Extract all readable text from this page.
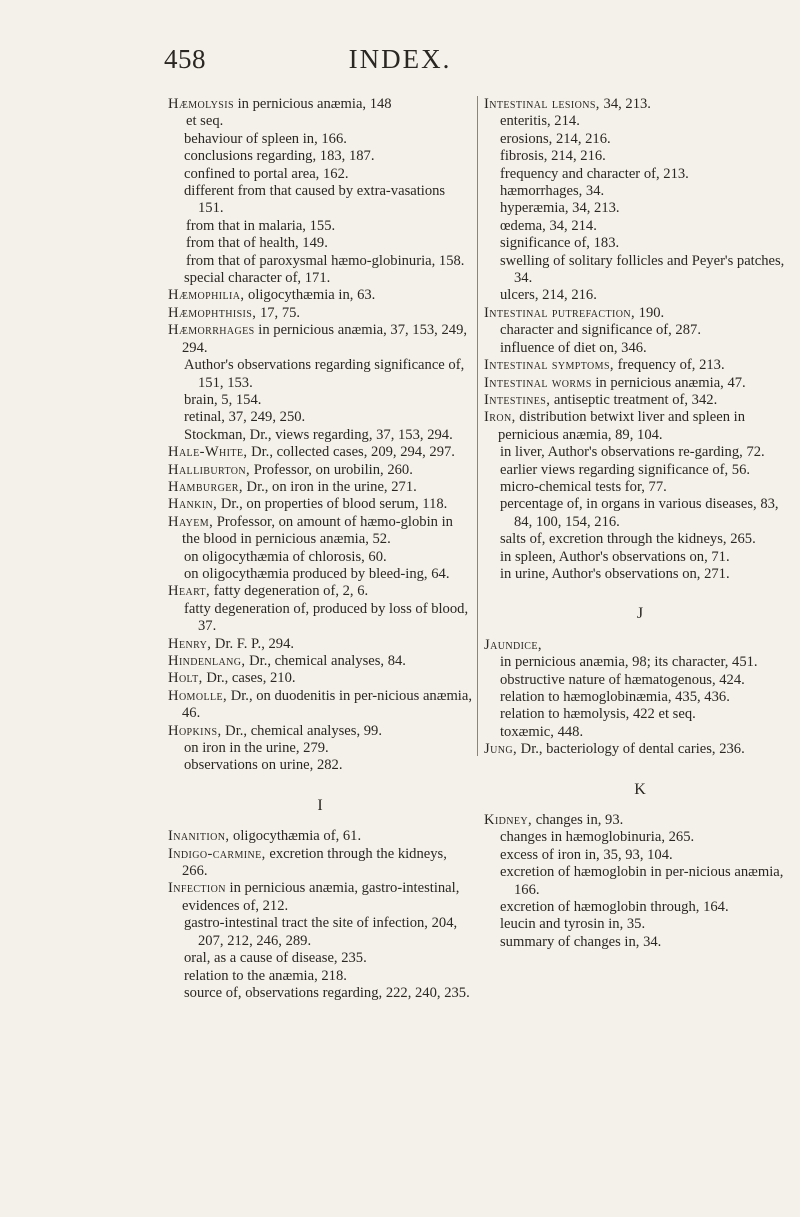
458	INDEX.

Hæmolysis in pernicious anæmia, 148

et seq.

behaviour of spleen in, 166.

conclusions regarding, 183, 187.

confined to portal area, 162.

different from that caused by extra-vasations 151.

from that in malaria, 155.

from that of health, 149.

from that of paroxysmal hæmo-globinuria, 158.

special character of, 171.

Hæmophilia, oligocythæmia in, 63.

Hæmophthisis, 17, 75.

Hæmorrhages in pernicious anæmia, 37, 153, 249, 294.

Author's observations regarding significance of, 151, 153.

brain, 5, 154.

retinal, 37, 249, 250.

Stockman, Dr., views regarding, 37, 153, 294.

Hale-White, Dr., collected cases, 209, 294, 297.

Halliburton, Professor, on urobilin, 260.

Hamburger, Dr., on iron in the urine, 271.

Hankin, Dr., on properties of blood serum, 118.

Hayem, Professor, on amount of hæmo-globin in the blood in pernicious anæmia, 52.

on oligocythæmia of chlorosis, 60.

on oligocythæmia produced by bleed-ing, 64.

Heart, fatty degeneration of, 2, 6.

fatty degeneration of, produced by loss of blood, 37.

Henry, Dr. F. P., 294.

Hindenlang, Dr., chemical analyses, 84.

Holt, Dr., cases, 210.

Homolle, Dr., on duodenitis in per-nicious anæmia, 46.

Hopkins, Dr., chemical analyses, 99.

on iron in the urine, 279.

observations on urine, 282.

I

Inanition, oligocythæmia of, 61.

Indigo-carmine, excretion through the kidneys, 266.

Infection in pernicious anæmia, gastro-intestinal, evidences of, 212.

gastro-intestinal tract the site of infection, 204, 207, 212, 246, 289.

oral, as a cause of disease, 235.

relation to the anæmia, 218.

source of, observations regarding, 222, 240, 235.

Intestinal lesions, 34, 213.

enteritis, 214.

erosions, 214, 216.

fibrosis, 214, 216.

frequency and character of, 213.

hæmorrhages, 34.

hyperæmia, 34, 213.

œdema, 34, 214.

significance of, 183.

swelling of solitary follicles and Peyer's patches, 34.

ulcers, 214, 216.

Intestinal putrefaction, 190.

character and significance of, 287.

influence of diet on, 346.

Intestinal symptoms, frequency of, 213.

Intestinal worms in pernicious anæmia, 47.

Intestines, antiseptic treatment of, 342.

Iron, distribution betwixt liver and spleen in pernicious anæmia, 89, 104.

in liver, Author's observations re-garding, 72.

earlier views regarding significance of, 56.

micro-chemical tests for, 77.

percentage of, in organs in various diseases, 83, 84, 100, 154, 216.

salts of, excretion through the kidneys, 265.

in spleen, Author's observations on, 71.

in urine, Author's observations on, 271.

J

Jaundice,

in pernicious anæmia, 98; its character, 451.

obstructive nature of hæmatogenous, 424.

relation to hæmoglobinæmia, 435, 436.

relation to hæmolysis, 422 et seq.

toxæmic, 448.

Jung, Dr., bacteriology of dental caries, 236.

K

Kidney, changes in, 93.

changes in hæmoglobinuria, 265.

excess of iron in, 35, 93, 104.

excretion of hæmoglobin in per-nicious anæmia, 166.

excretion of hæmoglobin through, 164.

leucin and tyrosin in, 35.

summary of changes in, 34.
